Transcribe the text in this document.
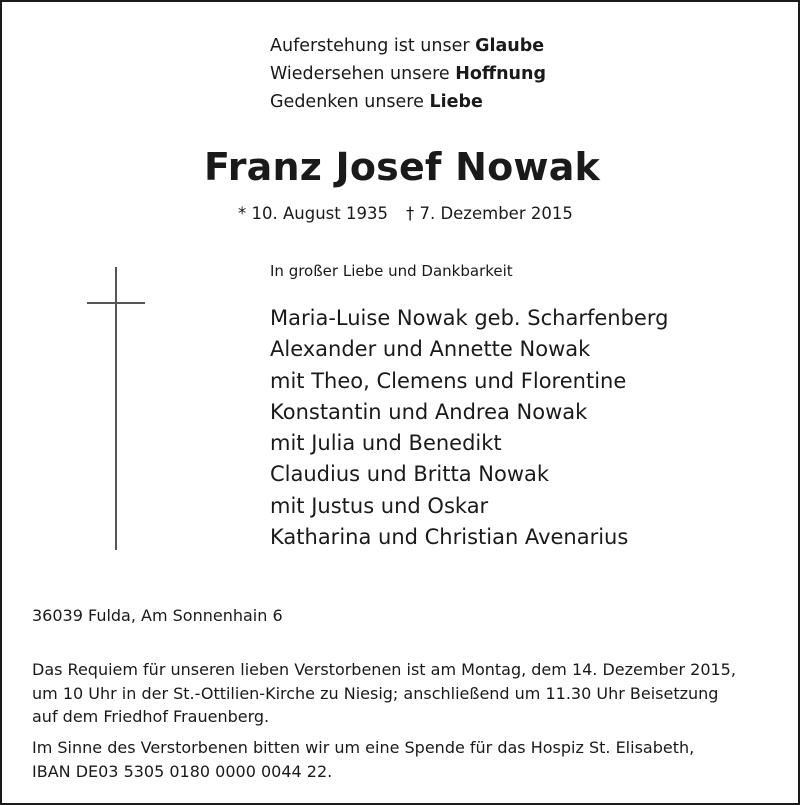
Auferstehung ist unser Glaube
Wiedersehen unsere Hoffnung
Gedenken unsere Liebe
Franz Josef Nowak
* 10. August 1935 † 7. Dezember 2015
In großer Liebe und Dankbarkeit
Maria-Luise Nowak geb. Scharfenberg
Alexander und Annette Nowak
mit Theo, Clemens und Florentine
Konstantin und Andrea Nowak
mit Julia und Benedikt
Claudius und Britta Nowak
mit Justus und Oskar
Katharina und Christian Avenarius
36039 Fulda, Am Sonnenhain 6
Das Requiem für unseren lieben Verstorbenen ist am Montag, dem 14. Dezember 2015,
um 10 Uhr in der St.-Ottilien-Kirche zu Niesig; anschließend um 11.30 Uhr Beisetzung
auf dem Friedhof Frauenberg.
Im Sinne des Verstorbenen bitten wir um eine Spende für das Hospiz St. Elisabeth,
IBAN DE03 5305 0180 0000 0044 22.
